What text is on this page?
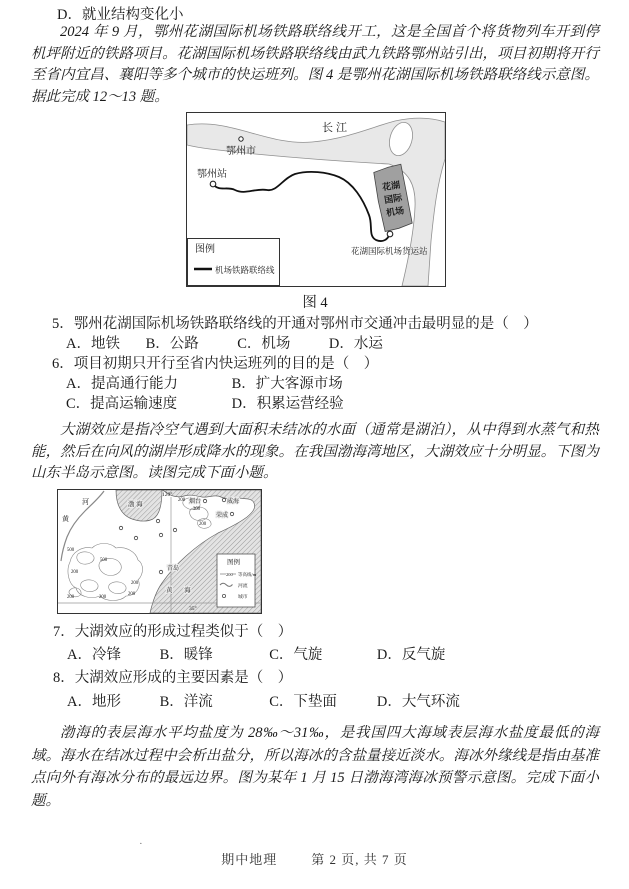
D．就业结构变化小

2024 年 9 月，鄂州花湖国际机场铁路联络线开工，这是全国首个将货物列车开到停机坪附近的铁路项目。花湖国际机场铁路联络线由武九铁路鄂州站引出，项目初期将开行至省内宜昌、襄阳等多个城市的快运班列。图 4 是鄂州花湖国际机场铁路联络线示意图。据此完成 12～13 题。

长江
鄂州市
鄂州站
花湖
国际
机场
花湖国际机场货运站
图例
机场铁路联络线
图 4
5．鄂州花湖国际机场铁路联络线的开通对鄂州市交通冲击最明显的是（　）
A．地铁 B．公路	C．机场	D．水运
6．项目初期只开行至省内快运班列的目的是（　）
A．提高通行能力	B．扩大客源市场
C．提高运输速度	D．积累运营经验

大湖效应是指冷空气遇到大面积未结冰的水面（通常是湖泊），从中得到水蒸气和热能，然后在向风的湖岸形成降水的现象。在我国渤海湾地区，大湖效应十分明显。下图为山东半岛示意图。读图完成下面小题。

120°
35°
河
黄
500
500
200
200	200
200
200
200
300
200
渤 海
黄 海
烟台	威海
荣成
青岛
图例
200 等高线/m
河流
城市
7．大湖效应的形成过程类似于（　）
A．冷锋	B．暖锋	C．气旋	D．反气旋
8．大湖效应形成的主要因素是（　）
A．地形	B．洋流	C．下垫面	D．大气环流

渤海的表层海水平均盐度为 28‰～31‰，是我国四大海域表层海水盐度最低的海域。海水在结冰过程中会析出盐分，所以海冰的含盐量接近淡水。海冰外缘线是指由基准点向外有海冰分布的最远边界。图为某年 1 月 15 日渤海湾海冰预警示意图。完成下面小题。

·
期中地理	第 2 页, 共 7 页
